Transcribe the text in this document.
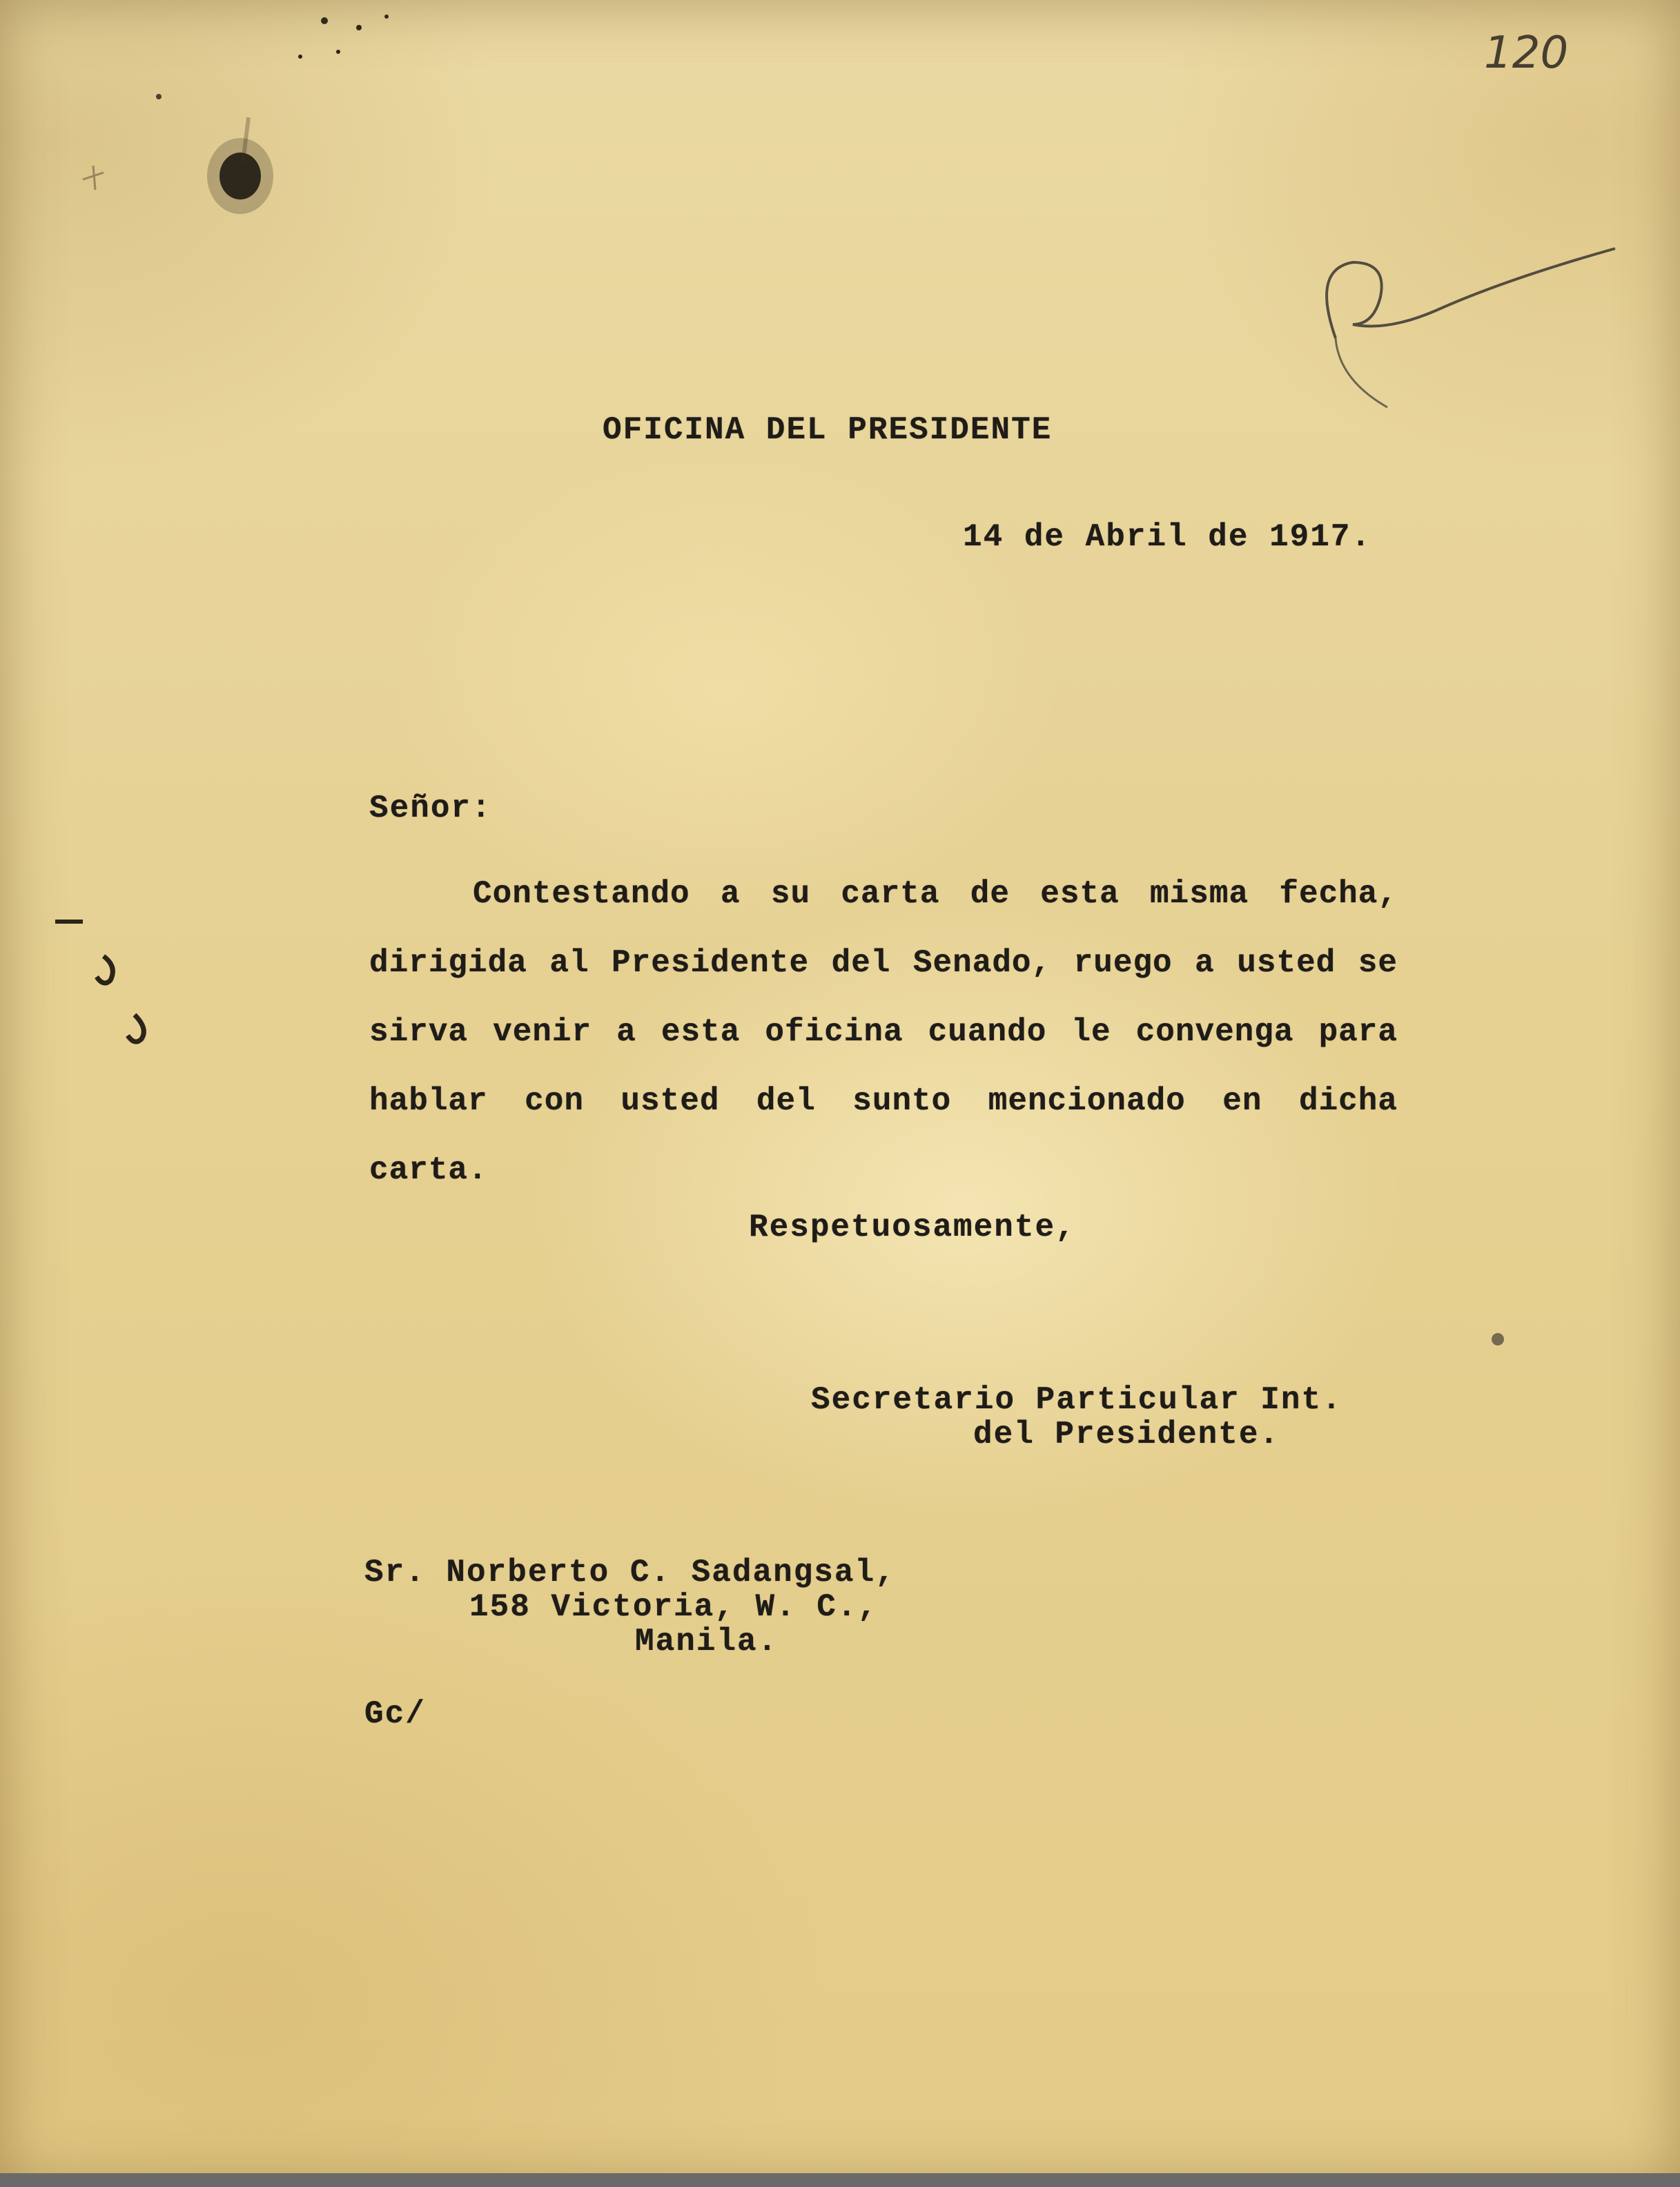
120
OFICINA DEL PRESIDENTE
14 de Abril de 1917.
Señor:
Contestando a su carta de esta misma fecha, dirigida al Presidente del Senado, ruego a usted se sirva venir a esta oficina cuando le convenga para hablar con usted del sunto mencionado en dicha carta.
Respetuosamente,
Secretario Particular Int.
del Presidente.
Sr. Norberto C. Sadangsal,
158 Victoria, W. C.,
Manila.
Gc/
